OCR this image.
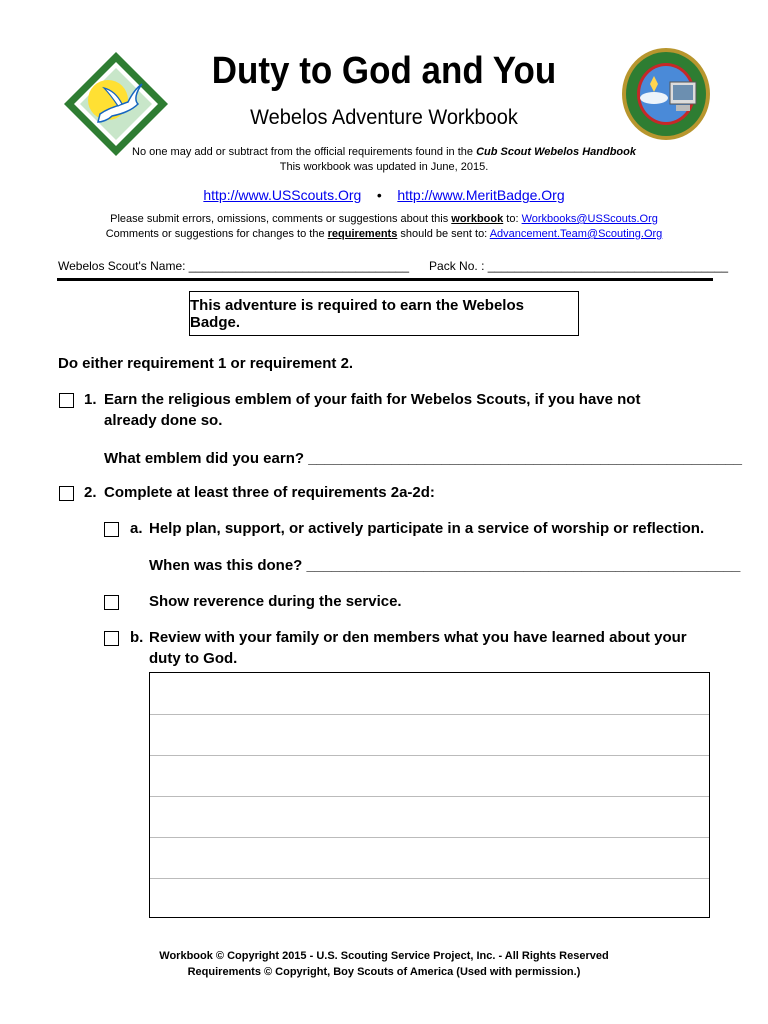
Duty to God and You
Webelos Adventure Workbook
No one may add or subtract from the official requirements found in the Cub Scout Webelos Handbook
This workbook was updated in June, 2015.
http://www.USScouts.Org • http://www.MeritBadge.Org
Please submit errors, omissions, comments or suggestions about this workbook to: Workbooks@USScouts.Org
Comments or suggestions for changes to the requirements should be sent to: Advancement.Team@Scouting.Org
Webelos Scout's Name: _________________________________ Pack No. : ____________________________________
This adventure is required to earn the Webelos Badge.
Do either requirement 1 or requirement 2.
1. Earn the religious emblem of your faith for Webelos Scouts, if you have not already done so.
What emblem did you earn? ____________________________________________________
2. Complete at least three of requirements 2a-2d:
a. Help plan, support, or actively participate in a service of worship or reflection.
When was this done? ____________________________________________________
Show reverence during the service.
b. Review with your family or den members what you have learned about your duty to God.
Workbook © Copyright 2015 - U.S. Scouting Service Project, Inc. - All Rights Reserved
Requirements © Copyright, Boy Scouts of America (Used with permission.)
